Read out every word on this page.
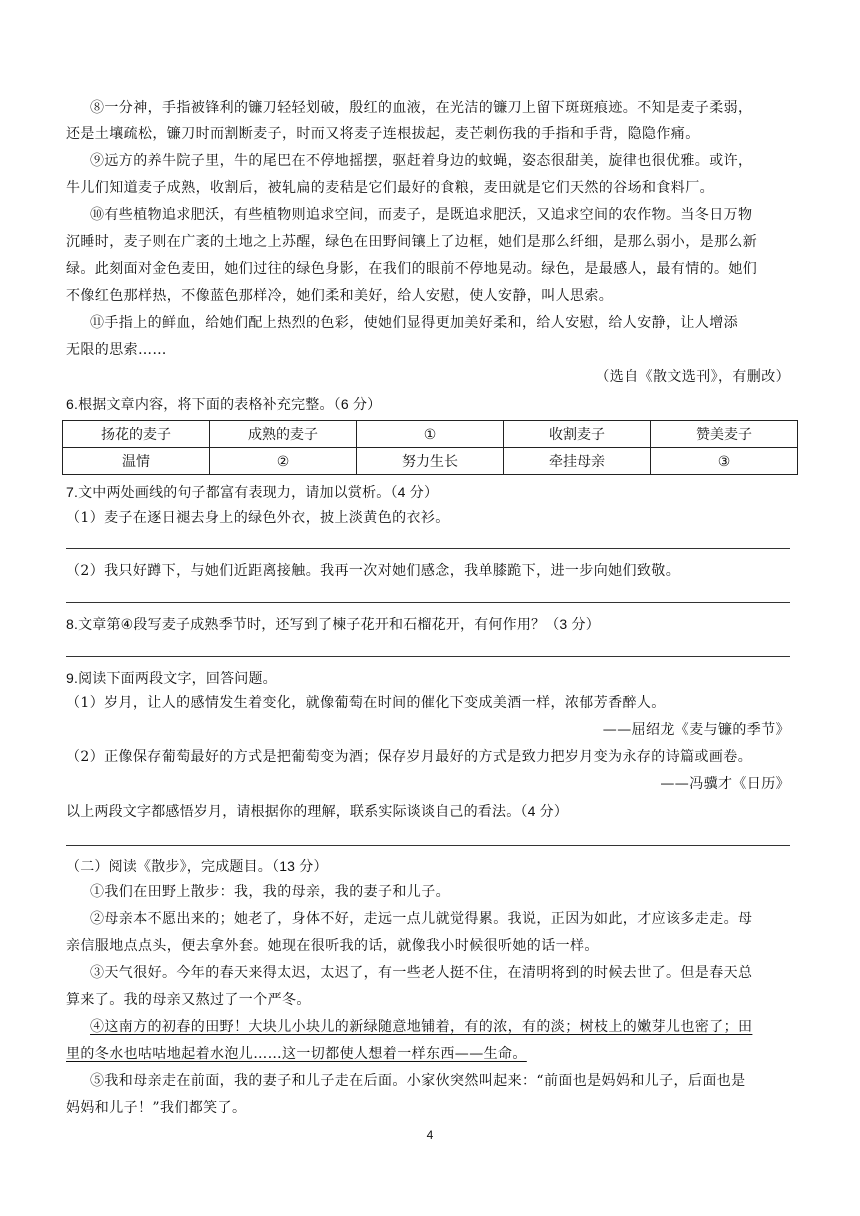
⑧一分神，手指被锋利的镰刀轻轻划破，殷红的血液，在光洁的镰刀上留下斑斑痕迹。不知是麦子柔弱，
还是土壤疏松，镰刀时而割断麦子，时而又将麦子连根拔起，麦芒刺伤我的手指和手背，隐隐作痛。
⑨远方的养牛院子里，牛的尾巴在不停地摇摆，驱赶着身边的蚊蝇，姿态很甜美，旋律也很优雅。或许，
牛儿们知道麦子成熟，收割后，被轧扁的麦秸是它们最好的食粮，麦田就是它们天然的谷场和食料厂。
⑩有些植物追求肥沃，有些植物则追求空间，而麦子，是既追求肥沃，又追求空间的农作物。当冬日万物
沉睡时，麦子则在广袤的土地之上苏醒，绿色在田野间镶上了边框，她们是那么纤细，是那么弱小，是那么新
绿。此刻面对金色麦田，她们过往的绿色身影，在我们的眼前不停地晃动。绿色，是最感人，最有情的。她们
不像红色那样热，不像蓝色那样冷，她们柔和美好，给人安慰，使人安静，叫人思索。
⑪手指上的鲜血，给她们配上热烈的色彩，使她们显得更加美好柔和，给人安慰，给人安静，让人增添
无限的思索……
（选自《散文选刊》，有删改）
6.根据文章内容，将下面的表格补充完整。（6 分）
扬花的麦子	成熟的麦子	①	收割麦子	赞美麦子
温情	②	努力生长	牵挂母亲	③
7.文中两处画线的句子都富有表现力，请加以赏析。（4 分）
（1）麦子在逐日褪去身上的绿色外衣，披上淡黄色的衣衫。
（2）我只好蹲下，与她们近距离接触。我再一次对她们感念，我单膝跪下，进一步向她们致敬。
8.文章第④段写麦子成熟季节时，还写到了楝子花开和石榴花开，有何作用？（3 分）
9.阅读下面两段文字，回答问题。
（1）岁月，让人的感情发生着变化，就像葡萄在时间的催化下变成美酒一样，浓郁芳香醉人。
——屈绍龙《麦与镰的季节》
（2）正像保存葡萄最好的方式是把葡萄变为酒；保存岁月最好的方式是致力把岁月变为永存的诗篇或画卷。
——冯骥才《日历》
以上两段文字都感悟岁月，请根据你的理解，联系实际谈谈自己的看法。（4 分）
（二）阅读《散步》，完成题目。（13 分）
①我们在田野上散步：我，我的母亲，我的妻子和儿子。
②母亲本不愿出来的；她老了，身体不好，走远一点儿就觉得累。我说，正因为如此，才应该多走走。母
亲信服地点点头，便去拿外套。她现在很听我的话，就像我小时候很听她的话一样。
③天气很好。今年的春天来得太迟，太迟了，有一些老人挺不住，在清明将到的时候去世了。但是春天总
算来了。我的母亲又熬过了一个严冬。
④这南方的初春的田野！大块儿小块儿的新绿随意地铺着，有的浓，有的淡；树枝上的嫩芽儿也密了；田
里的冬水也咕咕地起着水泡儿……这一切都使人想着一样东西——生命。
⑤我和母亲走在前面，我的妻子和儿子走在后面。小家伙突然叫起来：“前面也是妈妈和儿子，后面也是
妈妈和儿子！”我们都笑了。
4
